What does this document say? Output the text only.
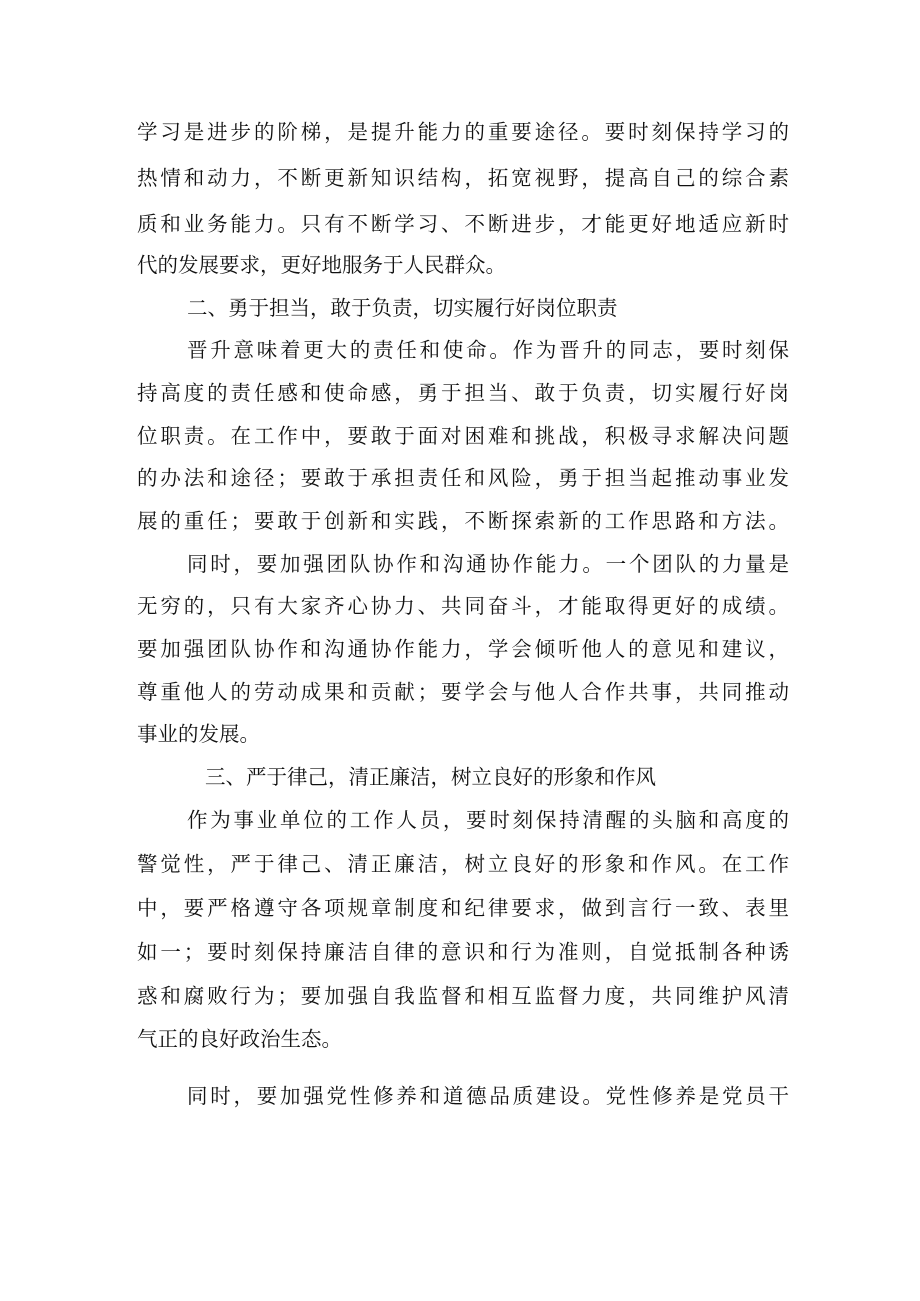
学习是进步的阶梯，是提升能力的重要途径。要时刻保持学习的

热情和动力，不断更新知识结构，拓宽视野，提高自己的综合素

质和业务能力。只有不断学习、不断进步，才能更好地适应新时

代的发展要求，更好地服务于人民群众。

二、勇于担当，敢于负责，切实履行好岗位职责

晋升意味着更大的责任和使命。作为晋升的同志，要时刻保

持高度的责任感和使命感，勇于担当、敢于负责，切实履行好岗

位职责。在工作中，要敢于面对困难和挑战，积极寻求解决问题

的办法和途径；要敢于承担责任和风险，勇于担当起推动事业发

展的重任；要敢于创新和实践，不断探索新的工作思路和方法。

同时，要加强团队协作和沟通协作能力。一个团队的力量是

无穷的，只有大家齐心协力、共同奋斗，才能取得更好的成绩。

要加强团队协作和沟通协作能力，学会倾听他人的意见和建议，

尊重他人的劳动成果和贡献；要学会与他人合作共事，共同推动

事业的发展。

三、严于律己，清正廉洁，树立良好的形象和作风

作为事业单位的工作人员，要时刻保持清醒的头脑和高度的

警觉性，严于律己、清正廉洁，树立良好的形象和作风。在工作

中，要严格遵守各项规章制度和纪律要求，做到言行一致、表里

如一；要时刻保持廉洁自律的意识和行为准则，自觉抵制各种诱

惑和腐败行为；要加强自我监督和相互监督力度，共同维护风清

气正的良好政治生态。

同时，要加强党性修养和道德品质建设。党性修养是党员干
